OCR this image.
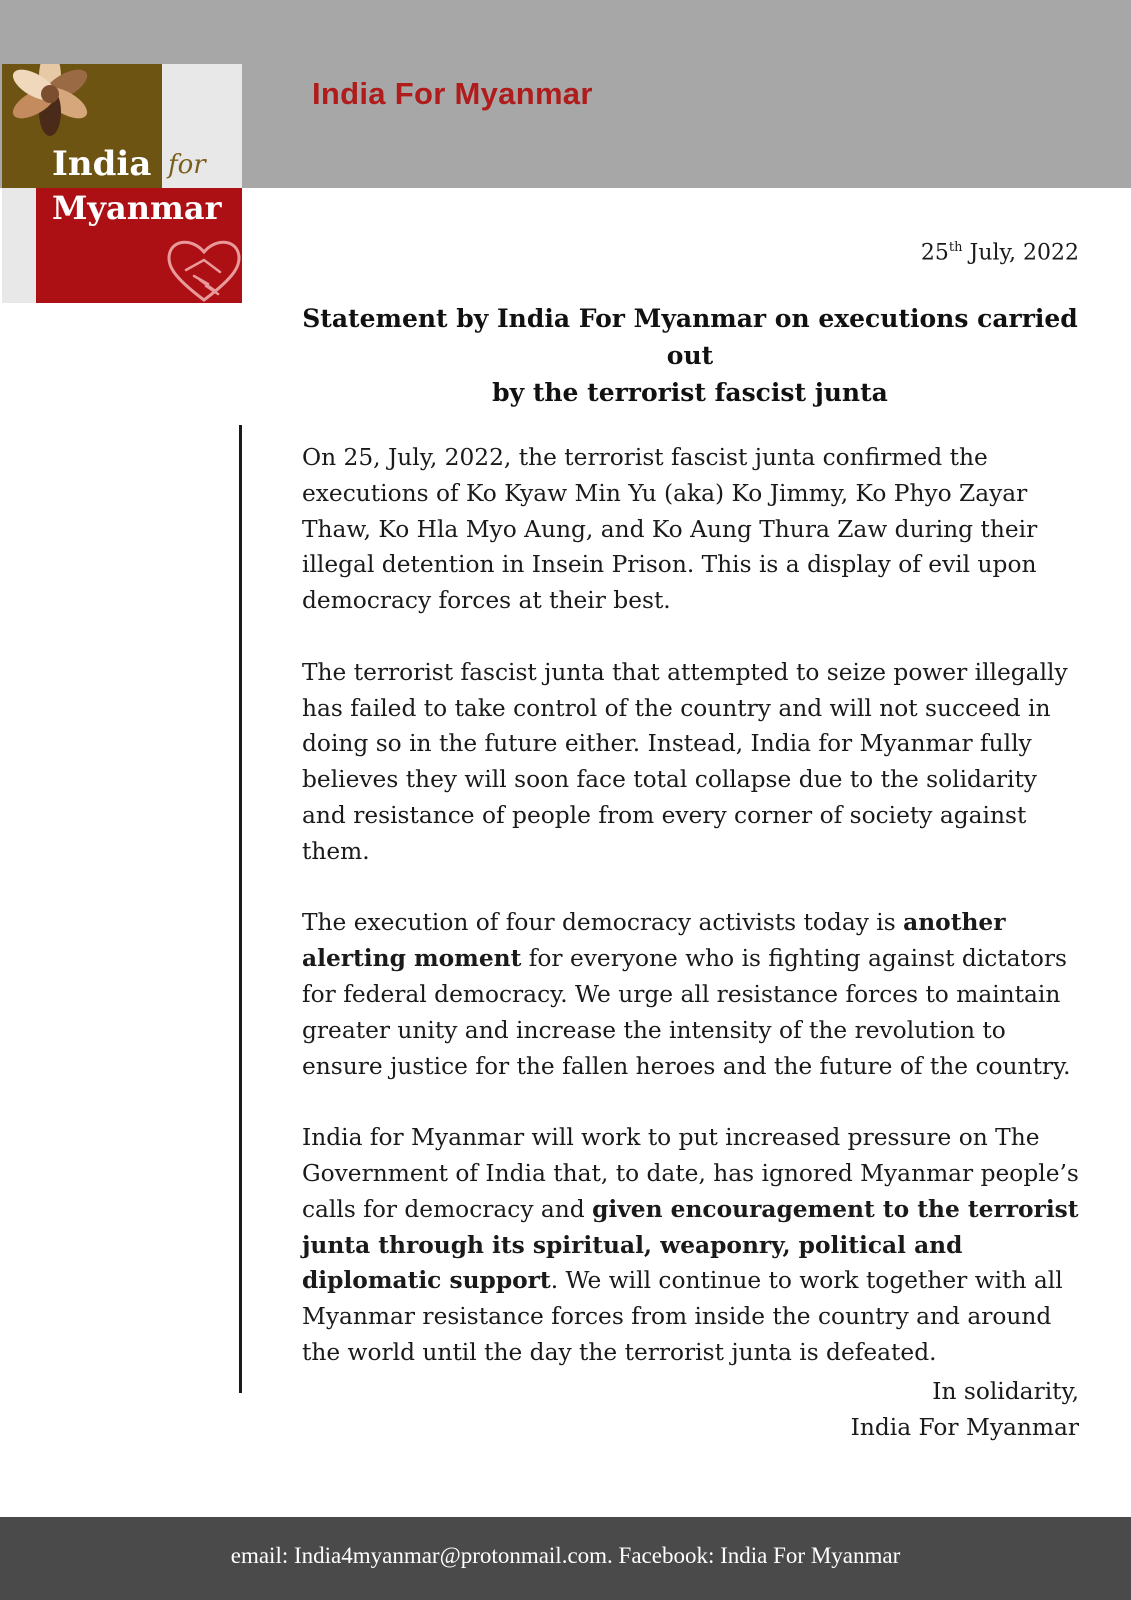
India For Myanmar
India for
Myanmar
25th July, 2022
Statement by India For Myanmar on executions carried out
by the terrorist fascist junta

On 25, July, 2022, the terrorist fascist junta confirmed the executions of Ko Kyaw Min Yu (aka) Ko Jimmy, Ko Phyo Zayar Thaw, Ko Hla Myo Aung, and Ko Aung Thura Zaw during their illegal detention in Insein Prison. This is a display of evil upon democracy forces at their best.

The terrorist fascist junta that attempted to seize power illegally has failed to take control of the country and will not succeed in doing so in the future either. Instead, India for Myanmar fully believes they will soon face total collapse due to the solidarity and resistance of people from every corner of society against them.

The execution of four democracy activists today is another alerting moment for everyone who is fighting against dictators for federal democracy. We urge all resistance forces to maintain greater unity and increase the intensity of the revolution to ensure justice for the fallen heroes and the future of the country.

India for Myanmar will work to put increased pressure on The Government of India that, to date, has ignored Myanmar people’s calls for democracy and given encouragement to the terrorist junta through its spiritual, weaponry, political and diplomatic support. We will continue to work together with all Myanmar resistance forces from inside the country and around the world until the day the terrorist junta is defeated.

In solidarity,
India For Myanmar
email: India4myanmar@protonmail.com. Facebook: India For Myanmar
